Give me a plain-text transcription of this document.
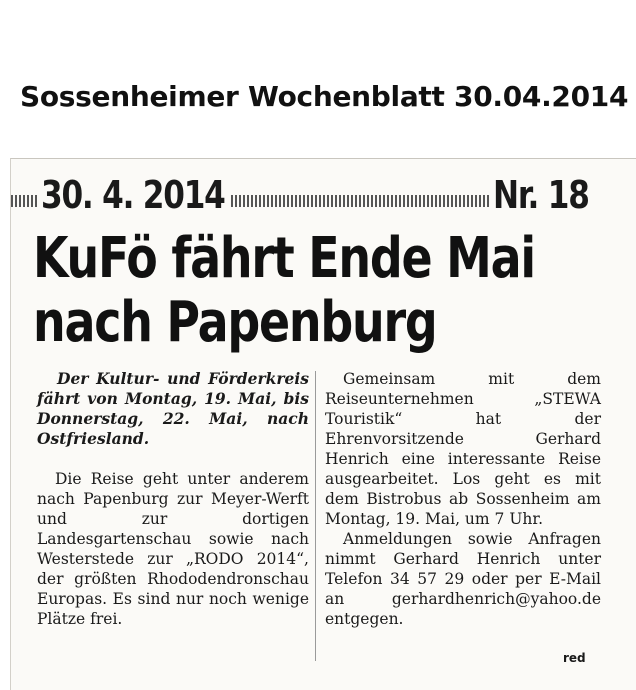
Sossenheimer Wochenblatt 30.04.2014
30. 4. 2014	Nr. 18
KuFö fährt Ende Mai
nach Papenburg

Der Kultur- und Förderkreis fährt von Montag, 19. Mai, bis Donnerstag, 22. Mai, nach Ostfriesland.

Die Reise geht unter anderem nach Papenburg zur Meyer-Werft und zur dortigen Landesgartenschau sowie nach Westerstede zur „RODO 2014“, der größten Rhododendronschau Europas. Es sind nur noch wenige Plätze frei.

Gemeinsam mit dem Reiseunternehmen „STEWA Touristik“ hat der Ehrenvorsitzende Gerhard Henrich eine interessante Reise ausgearbeitet. Los geht es mit dem Bistrobus ab Sossenheim am Montag, 19. Mai, um 7 Uhr.

Anmeldungen sowie Anfragen nimmt Gerhard Henrich unter Telefon 34 57 29 oder per E-Mail an gerhardhenrich@yahoo.de entgegen.

red
